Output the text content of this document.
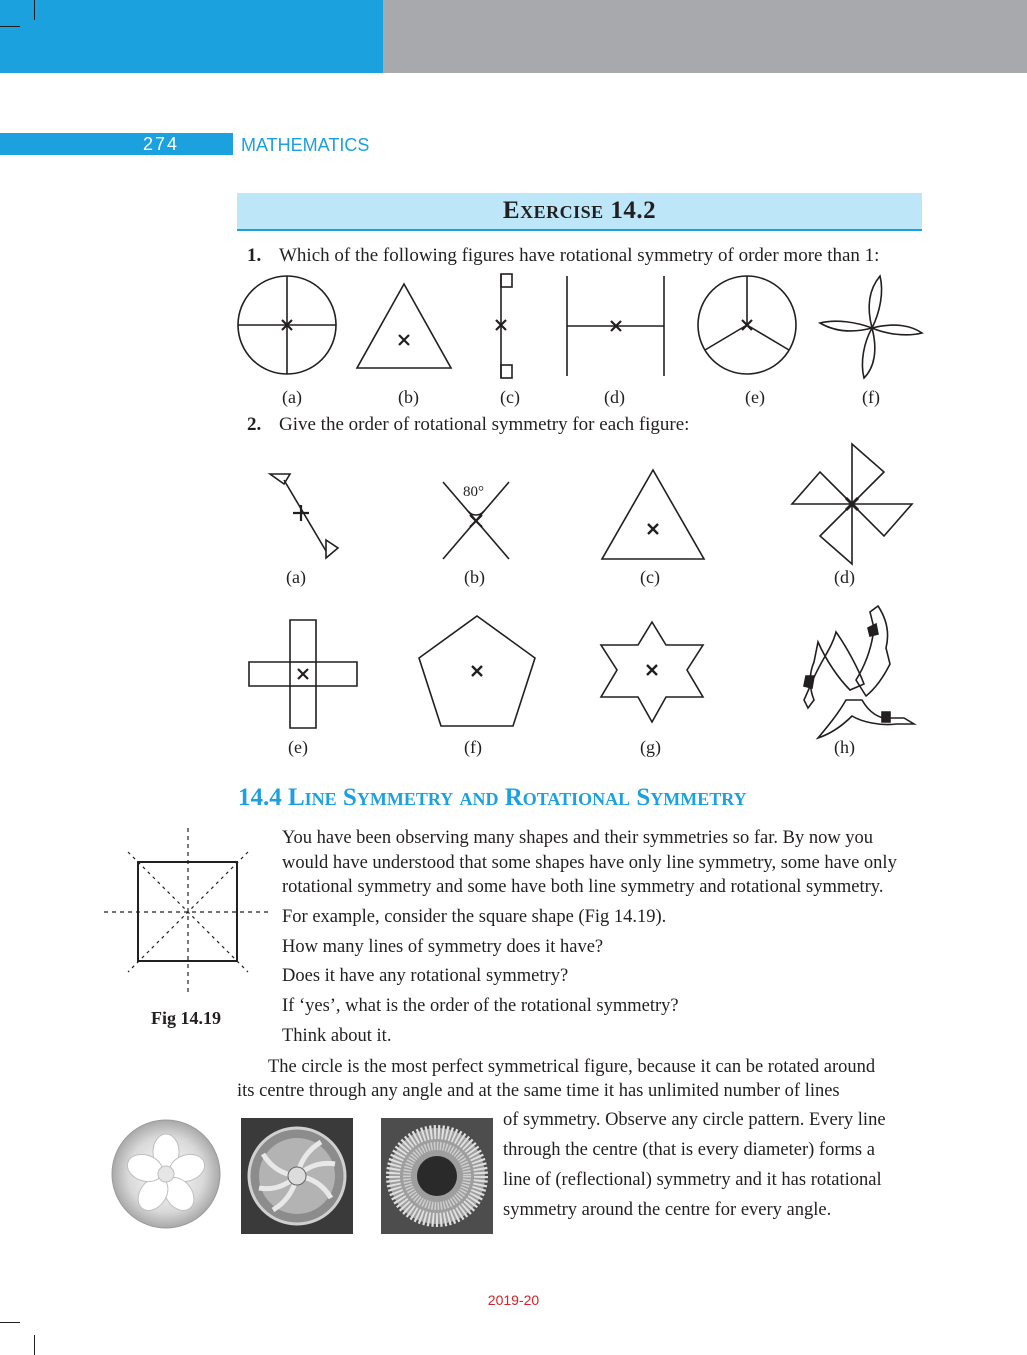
274	MATHEMATICS
Exercise 14.2
1. Which of the following figures have rotational symmetry of order more than 1:
2. Give the order of rotational symmetry for each figure:
(a)	(b)	(c)	(d)	(e)	(f)
(a)	(b)	(c)	(d)
(e)	(f)	(g)	(h)
80°
14.4 Line Symmetry and Rotational Symmetry
You have been observing many shapes and their symmetries so far. By now you
would have understood that some shapes have only line symmetry, some have only
rotational symmetry and some have both line symmetry and rotational symmetry.
For example, consider the square shape (Fig 14.19).
How many lines of symmetry does it have?
Does it have any rotational symmetry?
If ‘yes’, what is the order of the rotational symmetry?
Think about it.
Fig 14.19
The circle is the most perfect symmetrical figure, because it can be rotated around
its centre through any angle and at the same time it has unlimited number of lines
of symmetry. Observe any circle pattern. Every line
through the centre (that is every diameter) forms a
line of (reflectional) symmetry and it has rotational
symmetry around the centre for every angle.
2019-20
